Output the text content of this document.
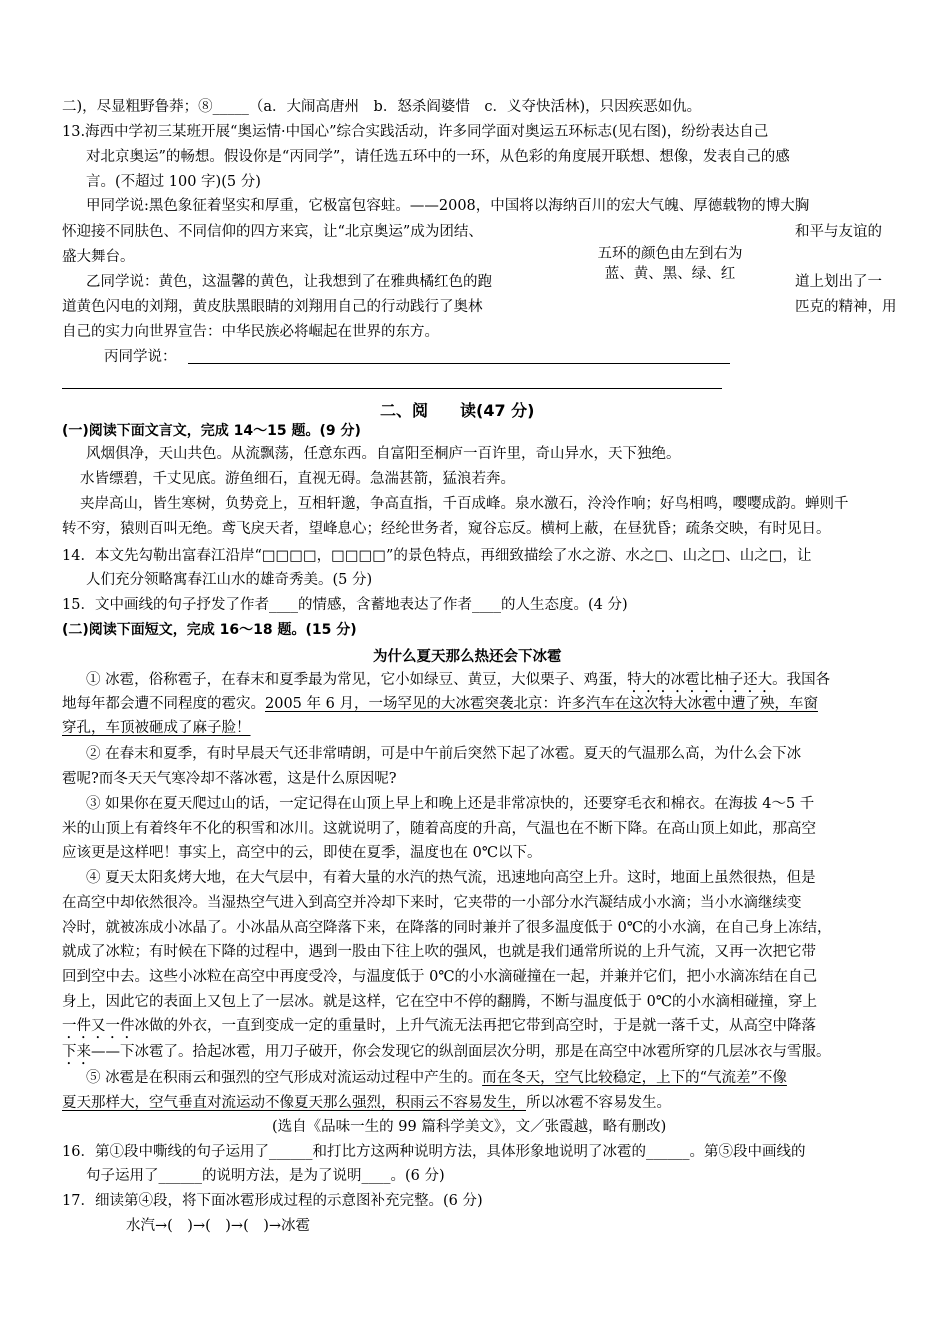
二)，尽显粗野鲁莽；⑧_____（a．大闹高唐州　b．怒杀阎婆惜　c．义夺快活林)，只因疾恶如仇。
13.海西中学初三某班开展“奥运情·中国心”综合实践活动，许多同学面对奥运五环标志(见右图)，纷纷表达自己
对北京奥运”的畅想。假设你是“丙同学”，请任选五环中的一环，从色彩的角度展开联想、想像，发表自己的感
言。(不超过 100 字)(5 分)
甲同学说:黑色象征着坚实和厚重，它极富包容蛀。——2008，中国将以海纳百川的宏大气魄、厚德载物的博大胸
怀迎接不同肤色、不同信仰的四方来宾，让“北京奥运”成为团结、	和平与友谊的
盛大舞台。	五环的颜色由左到右为
蓝、黄、黑、绿、红
乙同学说：黄色，这温馨的黄色，让我想到了在雅典橘红色的跑	道上划出了一
道黄色闪电的刘翔，黄皮肤黑眼睛的刘翔用自己的行动践行了奥林	匹克的精神，用
自己的实力向世界宣告：中华民族必将崛起在世界的东方。
丙同学说：
二、阅　　读(47 分)
(一)阅读下面文言文，完成 14～15 题。(9 分)
风烟俱净，天山共色。从流飘荡，任意东西。自富阳至桐庐一百许里，奇山异水，天下独绝。
水皆缥碧，千丈见底。游鱼细石，直视无碍。急湍甚箭，猛浪若奔。
夹岸高山，皆生寒树，负势竞上，互相轩邈，争高直指，千百成峰。泉水激石，泠泠作响；好鸟相鸣，嘤嘤成韵。蝉则千
转不穷，猿则百叫无绝。鸢飞戾天者，望峰息心；经纶世务者，窥谷忘反。横柯上蔽，在昼犹昏；疏条交映，有时见日。
14．本文先勾勒出富春江沿岸“□□□□，□□□□”的景色特点，再细致描绘了水之游、水之□、山之□、山之□，让
人们充分领略寓春江山水的雄奇秀美。(5 分)
15．文中画线的句子抒发了作者____的情感，含蓄地表达了作者____的人生态度。(4 分)
(二)阅读下面短文，完成 16～18 题。(15 分)
为什么夏天那么热还会下冰雹
① 冰雹，俗称雹子，在春末和夏季最为常见，它小如绿豆、黄豆，大似栗子、鸡蛋，特大的冰雹比柚子还大。我国各
地每年都会遭不同程度的雹灾。2005 年 6 月，一场罕见的大冰雹突袭北京：许多汽车在这次特大冰雹中遭了殃，车窗
穿孔，车顶被砸成了麻子脸！
② 在春末和夏季，有时早晨天气还非常晴朗，可是中午前后突然下起了冰雹。夏天的气温那么高，为什么会下冰
雹呢?而冬天天气寒冷却不落冰雹，这是什么原因呢?
③ 如果你在夏天爬过山的话，一定记得在山顶上早上和晚上还是非常凉快的，还要穿毛衣和棉衣。在海拔 4～5 千
米的山顶上有着终年不化的积雪和冰川。这就说明了，随着高度的升高，气温也在不断下降。在高山顶上如此，那高空
应该更是这样吧！事实上，高空中的云，即使在夏季，温度也在 0℃以下。
④ 夏天太阳炙烤大地，在大气层中，有着大量的水汽的热气流，迅速地向高空上升。这时，地面上虽然很热，但是
在高空中却依然很冷。当湿热空气进入到高空并冷却下来时，它夹带的一小部分水汽凝结成小水滴；当小水滴继续变
冷时，就被冻成小冰晶了。小冰晶从高空降落下来，在降落的同时兼并了很多温度低于 0℃的小水滴，在自己身上冻结，
就成了冰粒；有时候在下降的过程中，遇到一股由下往上吹的强风，也就是我们通常所说的上升气流，又再一次把它带
回到空中去。这些小冰粒在高空中再度受冷，与温度低于 0℃的小水滴碰撞在一起，并兼并它们，把小水滴冻结在自己
身上，因此它的表面上又包上了一层冰。就是这样，它在空中不停的翻腾，不断与温度低于 0℃的小水滴相碰撞，穿上
一件又一件冰做的外衣，一直到变成一定的重量时，上升气流无法再把它带到高空时，于是就一落千丈，从高空中降落
下来——下冰雹了。拾起冰雹，用刀子破开，你会发现它的纵剖面层次分明，那是在高空中冰雹所穿的几层冰衣与雪服。
⑤ 冰雹是在积雨云和强烈的空气形成对流运动过程中产生的。而在冬天，空气比较稳定，上下的“气流差”不像
夏天那样大，空气垂直对流运动不像夏天那么强烈，积雨云不容易发生，所以冰雹不容易发生。
(选自《品味一生的 99 篇科学美文》，文／张霞越，略有删改)
16．第①段中嘶线的句子运用了______和打比方这两种说明方法，具体形象地说明了冰雹的______。第⑤段中画线的
句子运用了______的说明方法，是为了说明____。(6 分)
17．细读第④段，将下面冰雹形成过程的示意图补充完整。(6 分)
水汽→(　)→(　)→(　)→冰雹
